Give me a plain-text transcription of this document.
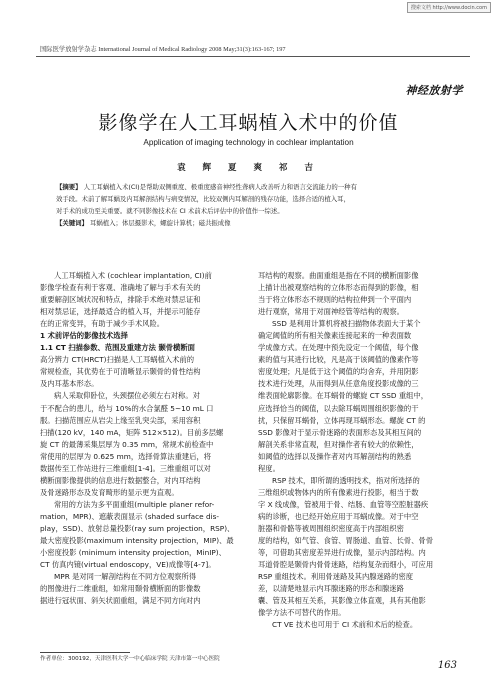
搜索文档 http://www.docin.com
国际医学放射学杂志 International Journal of Medical Radiology 2008 May;31(3):163-167; 197
神经放射学
影像学在人工耳蜗植入术中的价值
Application of imaging technology in cochlear implantation
袁 辉 夏 爽 祁 吉
【摘要】 人工耳蜗植入术(CI)是帮助双侧重度、极重度感音神经性聋病人改善听力和语言交流能力的一种有
效手段。术前了解耳蜗及内耳解剖结构与病变情况，比较双侧内耳解剖的残存功能，选择合适的植入耳，
对手术的成功至关重要。就不同影像技术在 CI 术前术后评估中的价值作一综述。
【关键词】 耳蜗植入；体层摄影术，螺旋计算机；磁共振成像
人工耳蜗植入术 (cochlear implantation, CI)前
影像学检查有利于客观、准确地了解与手术有关的
重要解剖区域状况和特点，排除手术绝对禁忌证和
相对禁忌证，选择最适合的植入耳，并提示可能存
在的正常变异，有助于减少手术风险。
1 术前评估的影像技术选择
1.1 CT 扫描参数、范围及重建方法 颞骨横断面
高分辨力 CT(HRCT)扫描是人工耳蜗植入术前的
常规检查，其优势在于可清晰显示颞骨的骨性结构
及内耳基本形态。
病人采取仰卧位，头颈摆位必须左右对称。对
于不配合的患儿，给与 10%的水合氯醛 5~10 mL 口
服。扫描范围应从岩尖上缘至乳突尖部，采用容积
扫描(120 kV，140 mA，矩阵 512×512)。目前多层螺
旋 CT 的最薄采集层厚为 0.35 mm，常规术前检查中
常使用的层厚为 0.625 mm，选择骨算法重建后，将
数据传至工作站进行三维重组[1-4]。三维重组可以对
横断面影像提供的信息进行数据整合，对内耳结构
及骨迷路形态及发育畸形的显示更为直观。
常用的方法为多平面重组(multiple planer refor-
mation，MPR)、遮蔽表面显示 (shaded surface dis-
play，SSD)、放射总量投影(ray sum projection，RSP)、
最大密度投影(maximum intensity projection，MIP)、最
小密度投影 (minimum intensity projection，MinIP)、
CT 仿真内镜(virtual endoscopy，VE)成像等[4-7]。
MPR 是对同一解剖结构在不同方位观察所得
的图像进行二维重组，如常用颞骨横断面的影像数
据进行冠状面、斜矢状面重组，满足不同方向对内
耳结构的观察。曲面重组是指在不同的横断面影像
上描计出被观察结构的立体形态而得到的影像，相
当于将立体形态不规则的结构拉伸到一个平面内
进行观察，常用于对面神经管等结构的观察。
SSD 是利用计算机将被扫描物体表面大于某个
确定阈值的所有相关像素连接起来的一种表面数
学成像方式。在处理中预先设定一个阈值，每个像
素的值与其进行比较，凡是高于该阈值的像素作等
密度处理；凡是低于这个阈值的均舍弃，并用阴影
技术进行处理，从而得到从任意角度投影成像的三
维表面轮廓影像。在耳蜗骨的螺旋 CT SSD 重组中，
应选择恰当的阈值，以去除耳蜗周围组织影像的干
扰，只保留耳蜗骨，立体再现耳蜗形态。螺旋 CT 的
SSD 影像对于显示骨迷路的表面形态及其相互间的
解剖关系非常直观，但对操作者有较大的依赖性，
如阈值的选择以及操作者对内耳解剖结构的熟悉
程度。
RSP 技术，即所谓的透明技术，指对所选择的
三维组织或物体内的所有像素进行投影，相当于数
字 X 线成像，管被用于骨、结肠、血管等空腔脏器疾
病的诊断，也已经开始应用于耳蜗成像。对于中空
脏器和骨骼等被周围组织密度高于内部组织密
度的结构，如气管、食管、胃肠道、血管、长骨、骨骨
等，可借助其密度差异进行成像，显示内部结构。内
耳道骨腔是颞骨内骨骨迷路，结构复杂而细小，可应用
RSP 重组技术。利用骨迷路及其内腺迷路的密度
差，以清楚地显示内耳腺迷路的形态和腺迷路
囊、管及其相互关系，其影像立体直观，具有其他影
像学方法不可替代的作用。
CT VE 技术也可用于 CI 术前和术后的检查。
作者单位：300192，天津医科大学一中心临床学院 天津市第一中心医院
163
